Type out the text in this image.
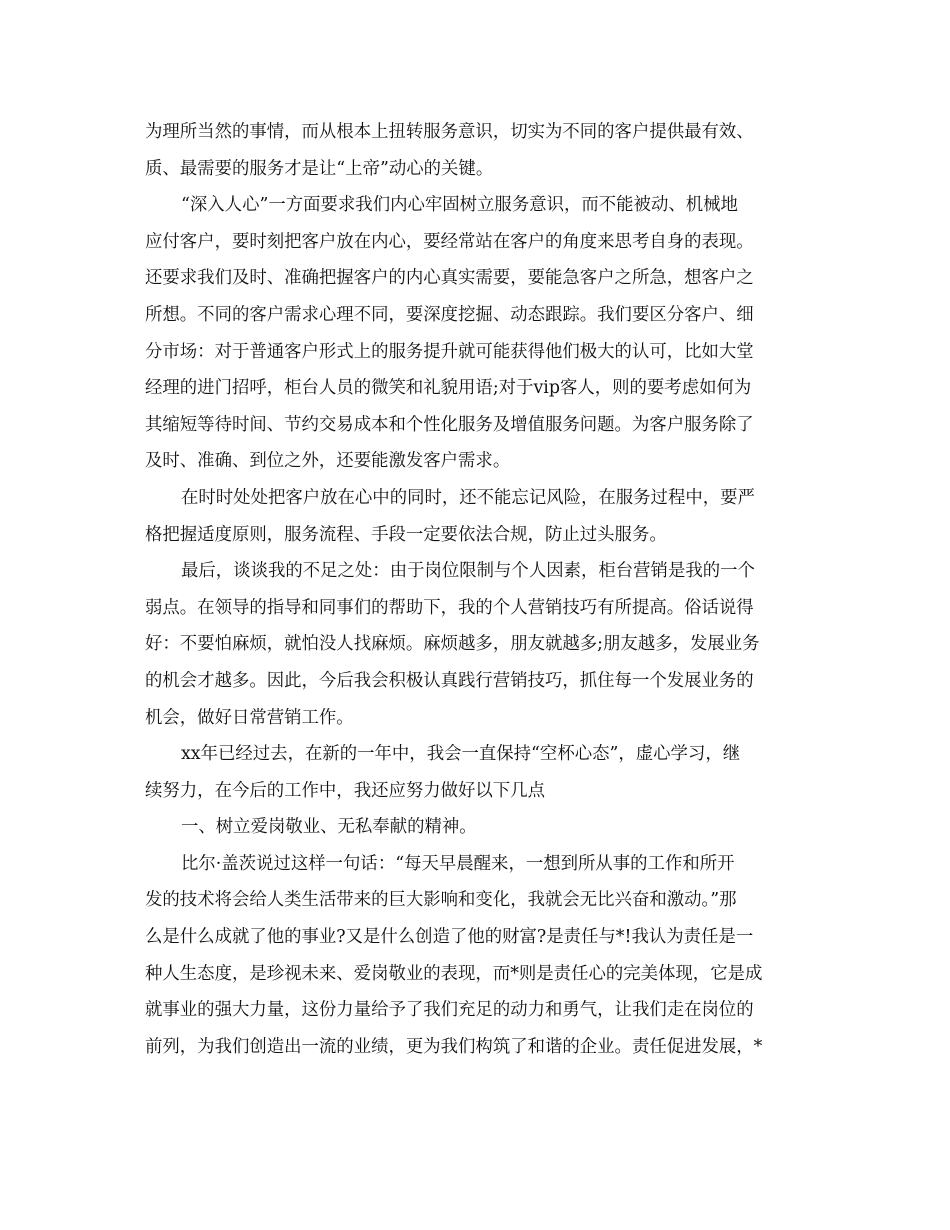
为理所当然的事情，而从根本上扭转服务意识，切实为不同的客户提供最有效、
质、最需要的服务才是让“上帝”动心的关键。
“深入人心”一方面要求我们内心牢固树立服务意识，而不能被动、机械地
应付客户，要时刻把客户放在内心，要经常站在客户的角度来思考自身的表现。
还要求我们及时、准确把握客户的内心真实需要，要能急客户之所急，想客户之
所想。不同的客户需求心理不同，要深度挖掘、动态跟踪。我们要区分客户、细
分市场：对于普通客户形式上的服务提升就可能获得他们极大的认可，比如大堂
经理的进门招呼，柜台人员的微笑和礼貌用语;对于vip客人，则的要考虑如何为
其缩短等待时间、节约交易成本和个性化服务及增值服务问题。为客户服务除了
及时、准确、到位之外，还要能激发客户需求。
在时时处处把客户放在心中的同时，还不能忘记风险，在服务过程中，要严
格把握适度原则，服务流程、手段一定要依法合规，防止过头服务。
最后，谈谈我的不足之处：由于岗位限制与个人因素，柜台营销是我的一个
弱点。在领导的指导和同事们的帮助下，我的个人营销技巧有所提高。俗话说得
好：不要怕麻烦，就怕没人找麻烦。麻烦越多，朋友就越多;朋友越多，发展业务
的机会才越多。因此，今后我会积极认真践行营销技巧，抓住每一个发展业务的
机会，做好日常营销工作。
xx年已经过去，在新的一年中，我会一直保持“空杯心态”，虚心学习，继
续努力，在今后的工作中，我还应努力做好以下几点
一、树立爱岗敬业、无私奉献的精神。
比尔·盖茨说过这样一句话：“每天早晨醒来，一想到所从事的工作和所开
发的技术将会给人类生活带来的巨大影响和变化，我就会无比兴奋和激动。”那
么是什么成就了他的事业?又是什么创造了他的财富?是责任与*!我认为责任是一
种人生态度，是珍视未来、爱岗敬业的表现，而*则是责任心的完美体现，它是成
就事业的强大力量，这份力量给予了我们充足的动力和勇气，让我们走在岗位的
前列，为我们创造出一流的业绩，更为我们构筑了和谐的企业。责任促进发展，*
